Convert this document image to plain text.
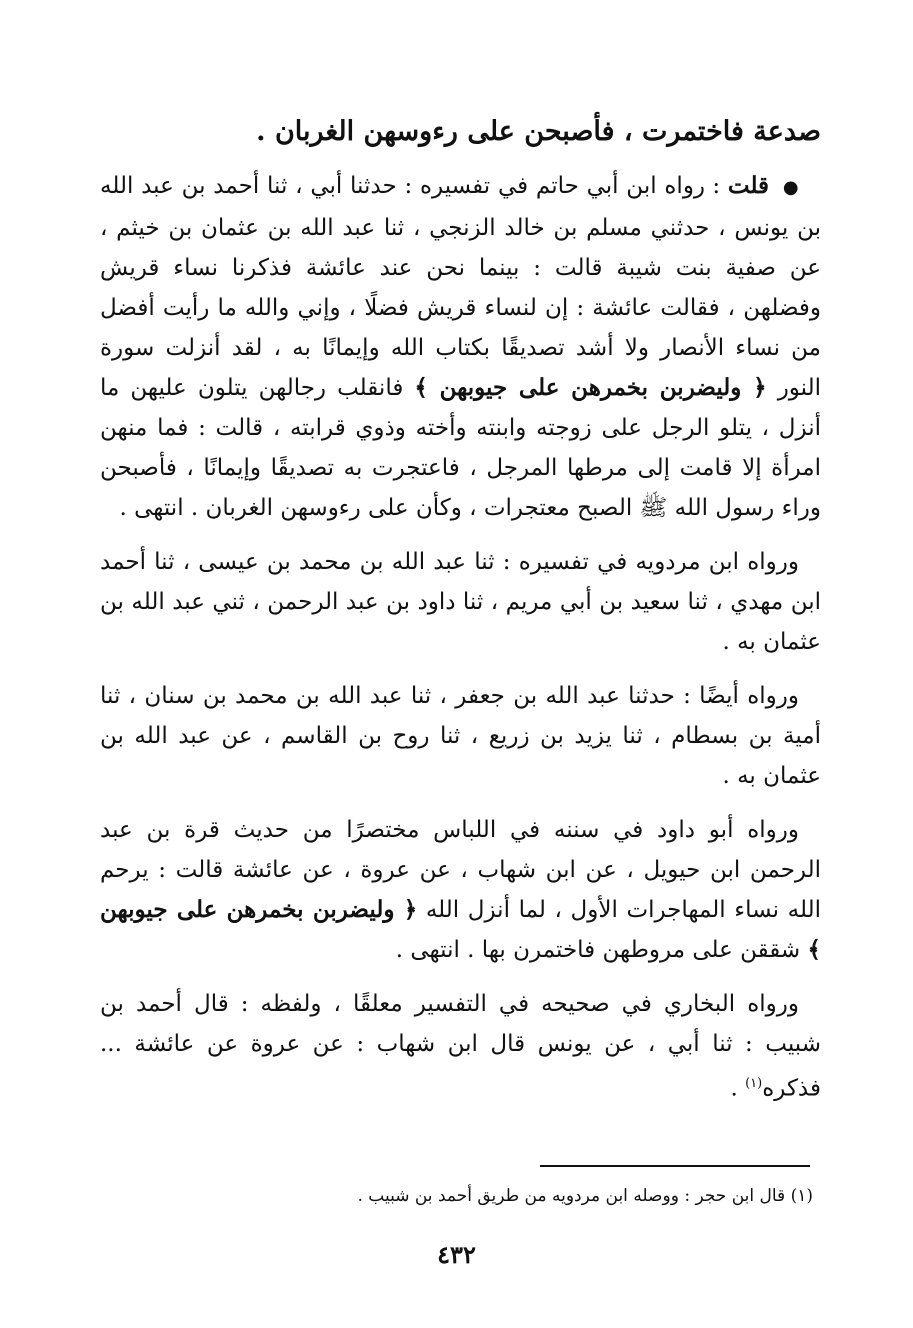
صدعة فاختمرت ، فأصبحن على رءوسهن الغربان .

● قلت : رواه ابن أبي حاتم في تفسيره : حدثنا أبي ، ثنا أحمد بن عبد الله بن يونس ، حدثني مسلم بن خالد الزنجي ، ثنا عبد الله بن عثمان بن خيثم ، عن صفية بنت شيبة قالت : بينما نحن عند عائشة فذكرنا نساء قريش وفضلهن ، فقالت عائشة : إن لنساء قريش فضلًا ، وإني والله ما رأيت أفضل من نساء الأنصار ولا أشد تصديقًا بكتاب الله وإيمانًا به ، لقد أنزلت سورة النور ﴿ وليضربن بخمرهن على جيوبهن ﴾ فانقلب رجالهن يتلون عليهن ما أنزل ، يتلو الرجل على زوجته وابنته وأخته وذوي قرابته ، قالت : فما منهن امرأة إلا قامت إلى مرطها المرجل ، فاعتجرت به تصديقًا وإيمانًا ، فأصبحن وراء رسول الله ﷺ الصبح معتجرات ، وكأن على رءوسهن الغربان . انتهى .

ورواه ابن مردويه في تفسيره : ثنا عبد الله بن محمد بن عيسى ، ثنا أحمد ابن مهدي ، ثنا سعيد بن أبي مريم ، ثنا داود بن عبد الرحمن ، ثني عبد الله بن عثمان به .

ورواه أيضًا : حدثنا عبد الله بن جعفر ، ثنا عبد الله بن محمد بن سنان ، ثنا أمية بن بسطام ، ثنا يزيد بن زريع ، ثنا روح بن القاسم ، عن عبد الله بن عثمان به .

ورواه أبو داود في سننه في اللباس مختصرًا من حديث قرة بن عبد الرحمن ابن حيويل ، عن ابن شهاب ، عن عروة ، عن عائشة قالت : يرحم الله نساء المهاجرات الأول ، لما أنزل الله ﴿ وليضربن بخمرهن على جيوبهن ﴾ شققن على مروطهن فاختمرن بها . انتهى .

ورواه البخاري في صحيحه في التفسير معلقًا ، ولفظه : قال أحمد بن شبيب : ثنا أبي ، عن يونس قال ابن شهاب : عن عروة عن عائشة ... فذكره$^{(١)}$ .

(١) قال ابن حجر : ووصله ابن مردويه من طريق أحمد بن شبيب .
٤٣٢
